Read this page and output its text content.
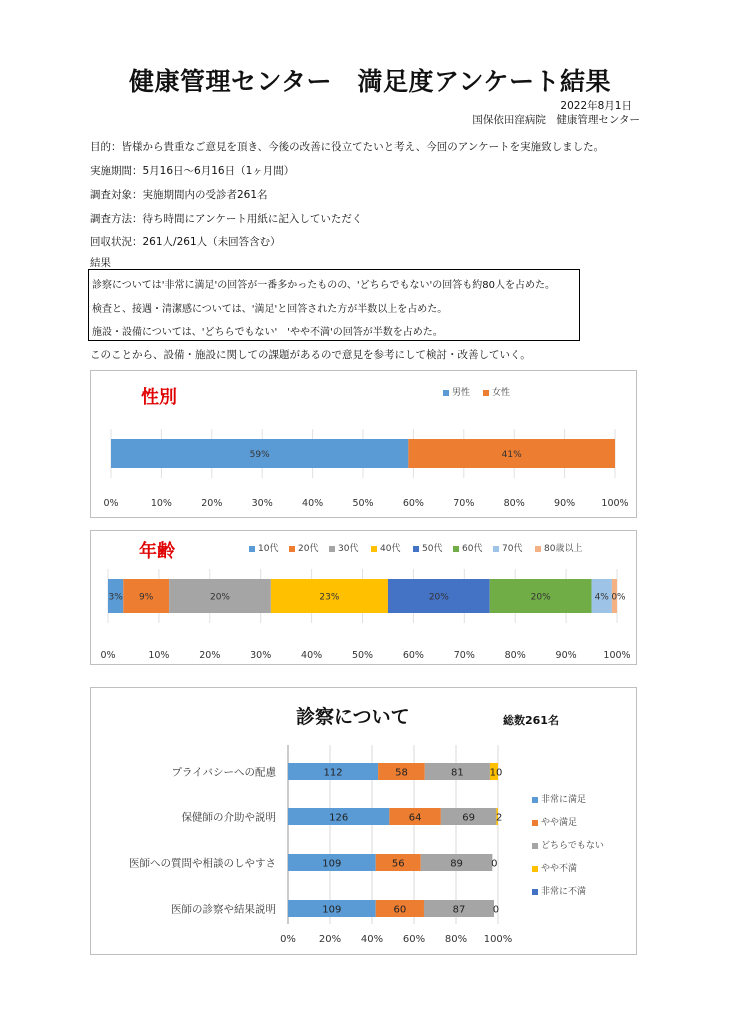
健康管理センター　満足度アンケート結果
2022年8月1日
国保依田窪病院　健康管理センター
目的：皆様から貴重なご意見を頂き、今後の改善に役立てたいと考え、今回のアンケートを実施致しました。
実施期間：5月16日～6月16日（1ヶ月間）
調査対象：実施期間内の受診者261名
調査方法：待ち時間にアンケート用紙に記入していただく
回収状況：261人/261人（未回答含む）
結果
診察については'非常に満足'の回答が一番多かったものの、'どちらでもない'の回答も約80人を占めた。
検査と、接遇・清潔感については、'満足'と回答された方が半数以上を占めた。
施設・設備については、'どちらでもない'　'やや不満'の回答が半数を占めた。
このことから、設備・施設に関しての課題があるので意見を参考にして検討・改善していく。
性別
0%	10%	20%	30%	40%	50%	60%	70%	80%	90%	100%
59%	41%
男性	女性
年齢
0%	10%	20%	30%	40%	50%	60%	70%	80%	90%	100%
3% 9%	20%	23%	20%	20%	4% 0%
10代	20代	30代	40代	50代	60代	70代	80歳以上
診察について	総数261名
0% 20% 40% 60% 80% 100%
プライバシーへの配慮	112	58	81	10
保健師の介助や説明	126	64	69 2
医師への質問や相談のしやすさ	109	56	89	0
医師の診察や結果説明	109	60	87	0
非常に満足
やや満足
どちらでもない
やや不満
非常に不満
